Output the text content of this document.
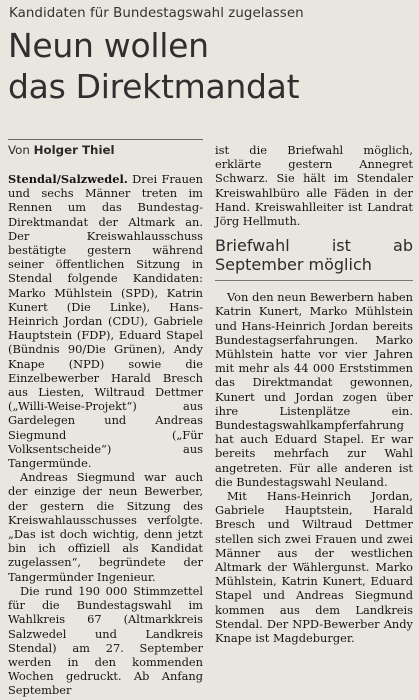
Kandidaten für Bundestagswahl zugelassen
Neun wollen
das Direktmandat
Von Holger Thiel

Stendal/Salzwedel. Drei Frauen und sechs Männer treten im Rennen um das Bundestag-Direktmandat der Altmark an. Der Kreiswahlausschuss bestätigte gestern während seiner öffentlichen Sitzung in Stendal folgende Kandidaten: Marko Mühlstein (SPD), Katrin Kunert (Die Linke), Hans-Heinrich Jordan (CDU), Gabriele Hauptstein (FDP), Eduard Stapel (Bündnis 90/Die Grünen), Andy Knape (NPD) sowie die Einzelbewerber Harald Bresch aus Liesten, Wiltraud Dettmer („Willi-Weise-Projekt“) aus Gardelegen und Andreas Siegmund („Für Volksentscheide“) aus Tangermünde.

Andreas Siegmund war auch der einzige der neun Bewerber, der gestern die Sitzung des Kreiswahlausschusses verfolgte. „Das ist doch wichtig, denn jetzt bin ich offiziell als Kandidat zugelassen“, begründete der Tangermünder Ingenieur.

Die rund 190 000 Stimmzettel für die Bundestagswahl im Wahlkreis 67 (Altmarkkreis Salzwedel und Landkreis Stendal) am 27. September werden in den kommenden Wochen gedruckt. Ab Anfang September

ist die Briefwahl möglich, erklärte gestern Annegret Schwarz. Sie hält im Stendaler Kreiswahlbüro alle Fäden in der Hand. Kreiswahlleiter ist Landrat Jörg Hellmuth.

Briefwahl ist ab September möglich

Von den neun Bewerbern haben Katrin Kunert, Marko Mühlstein und Hans-Heinrich Jordan bereits Bundestagserfahrungen. Marko Mühlstein hatte vor vier Jahren mit mehr als 44 000 Erststimmen das Direktmandat gewonnen, Kunert und Jordan zogen über ihre Listenplätze ein. Bundestagswahlkampferfahrung hat auch Eduard Stapel. Er war bereits mehrfach zur Wahl angetreten. Für alle anderen ist die Bundestagswahl Neuland.

Mit Hans-Heinrich Jordan, Gabriele Hauptstein, Harald Bresch und Wiltraud Dettmer stellen sich zwei Frauen und zwei Männer aus der westlichen Altmark der Wählergunst. Marko Mühlstein, Katrin Kunert, Eduard Stapel und Andreas Siegmund kommen aus dem Landkreis Stendal. Der NPD-Bewerber Andy Knape ist Magdeburger.
